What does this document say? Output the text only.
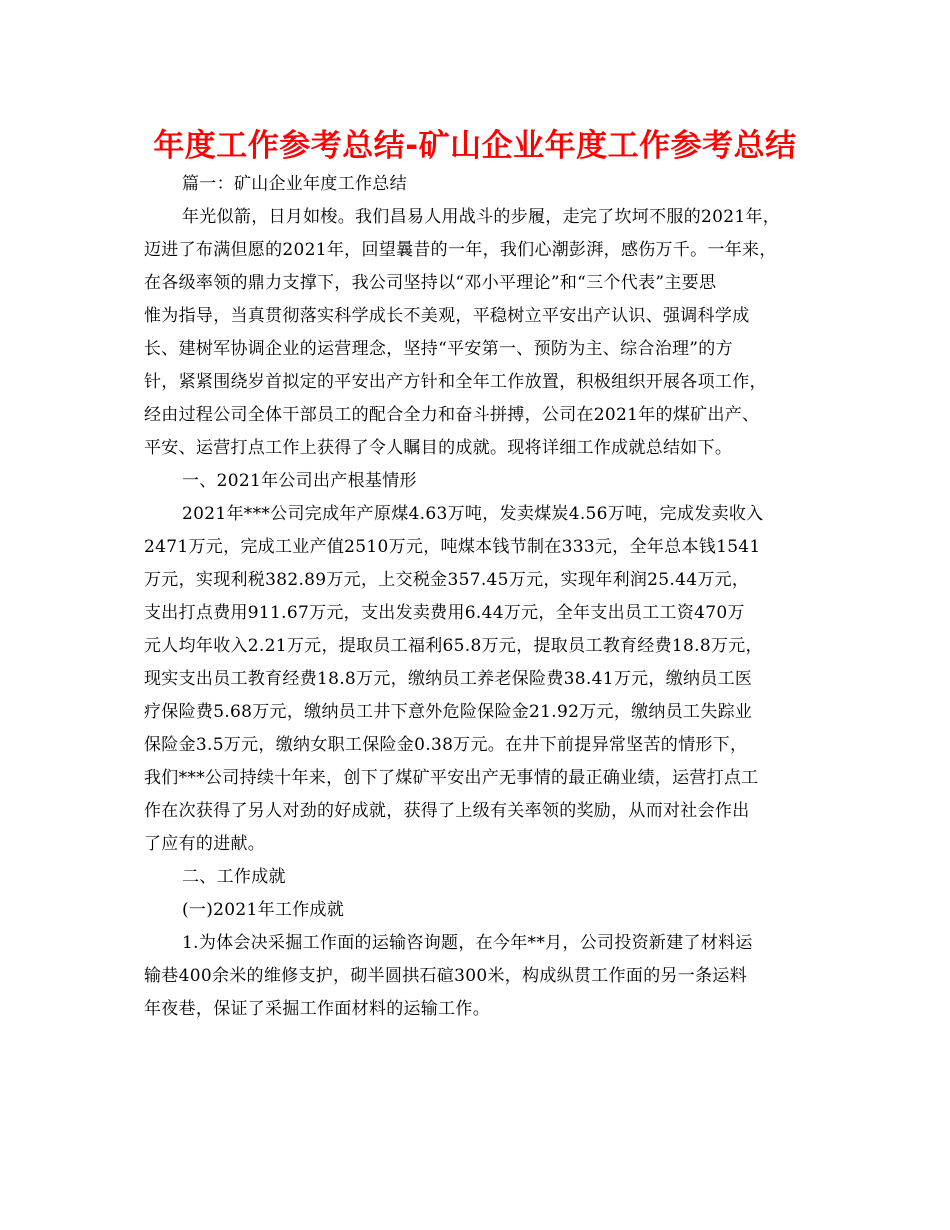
年度工作参考总结-矿山企业年度工作参考总结
篇一：矿山企业年度工作总结
年光似箭，日月如梭。我们昌易人用战斗的步履，走完了坎坷不服的2021年，
迈进了布满但愿的2021年，回望曩昔的一年，我们心潮彭湃，感伤万千。一年来，
在各级率领的鼎力支撑下，我公司坚持以“邓小平理论”和“三个代表”主要思
惟为指导，当真贯彻落实科学成长不美观，平稳树立平安出产认识、强调科学成
长、建树军协调企业的运营理念，坚持“平安第一、预防为主、综合治理”的方
针，紧紧围绕岁首拟定的平安出产方针和全年工作放置，积极组织开展各项工作，
经由过程公司全体干部员工的配合全力和奋斗拼搏，公司在2021年的煤矿出产、
平安、运营打点工作上获得了令人瞩目的成就。现将详细工作成就总结如下。
一、2021年公司出产根基情形
2021年***公司完成年产原煤4.63万吨，发卖煤炭4.56万吨，完成发卖收入
2471万元，完成工业产值2510万元，吨煤本钱节制在333元，全年总本钱1541
万元，实现利税382.89万元，上交税金357.45万元，实现年利润25.44万元，
支出打点费用911.67万元，支出发卖费用6.44万元，全年支出员工工资470万
元人均年收入2.21万元，提取员工福利65.8万元，提取员工教育经费18.8万元，
现实支出员工教育经费18.8万元，缴纳员工养老保险费38.41万元，缴纳员工医
疗保险费5.68万元，缴纳员工井下意外危险保险金21.92万元，缴纳员工失踪业
保险金3.5万元，缴纳女职工保险金0.38万元。在井下前提异常坚苦的情形下，
我们***公司持续十年来，创下了煤矿平安出产无事情的最正确业绩，运营打点工
作在次获得了另人对劲的好成就，获得了上级有关率领的奖励，从而对社会作出
了应有的进献。
二、工作成就
(一)2021年工作成就
1.为体会决采掘工作面的运输咨询题，在今年**月，公司投资新建了材料运
输巷400余米的维修支护，砌半圆拱石碹300米，构成纵贯工作面的另一条运料
年夜巷，保证了采掘工作面材料的运输工作。
